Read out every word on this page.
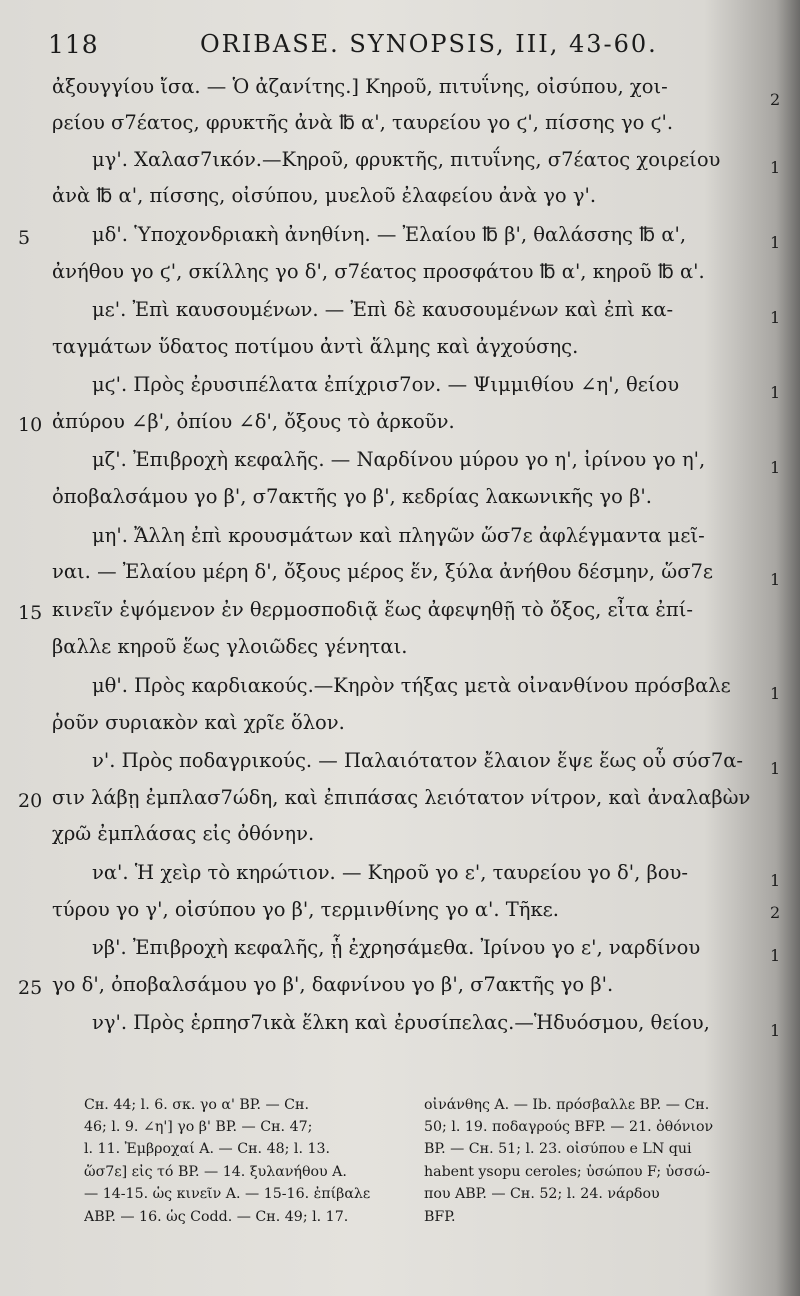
118	ORIBASE. SYNOPSIS, III, 43-60.
ἀξουγγίου ἴσα. — Ὁ ἀζανίτης.] Κηροῦ, πιτυΐνης, οἰσύπου, χοι-
ρείου σ7έατος, φρυκτῆς ἀνὰ ℔ α', ταυρείου γο ϛ', πίσσης γο ϛ'.
μγ'. Χαλασ7ικόν.—Κηροῦ, φρυκτῆς, πιτυΐνης, σ7έατος χοιρείου
ἀνὰ ℔ α', πίσσης, οἰσύπου, μυελοῦ ἐλαφείου ἀνὰ γο γ'.
μδ'. Ὑποχονδριακὴ ἀνηθίνη. — Ἐλαίου ℔ β', θαλάσσης ℔ α',
ἀνήθου γο ϛ', σκίλλης γο δ', σ7έατος προσφάτου ℔ α', κηροῦ ℔ α'.
με'. Ἐπὶ καυσουμένων. — Ἐπὶ δὲ καυσουμένων καὶ ἐπὶ κα-
ταγμάτων ὕδατος ποτίμου ἀντὶ ἅλμης καὶ ἀγχούσης.
μϛ'. Πρὸς ἐρυσιπέλατα ἐπίχρισ7ον. — Ψιμμιθίου ∠η', θείου
ἀπύρου ∠β', ὀπίου ∠δ', ὄξους τὸ ἀρκοῦν.
μζ'. Ἐπιβροχὴ κεφαλῆς. — Ναρδίνου μύρου γο η', ἰρίνου γο η',
ὀποβαλσάμου γο β', σ7ακτῆς γο β', κεδρίας λακωνικῆς γο β'.
μη'. Ἄλλη ἐπὶ κρουσμάτων καὶ πληγῶν ὥσ7ε ἀφλέγμαντα μεῖ-
ναι. — Ἐλαίου μέρη δ', ὄξους μέρος ἕν, ξύλα ἀνήθου δέσμην, ὥσ7ε
κινεῖν ἑψόμενον ἐν θερμοσποδιᾷ ἕως ἀφεψηθῇ τὸ ὄξος, εἶτα ἐπί-
βαλλε κηροῦ ἕως γλοιῶδες γένηται.
μθ'. Πρὸς καρδιακούς.—Κηρὸν τήξας μετὰ οἰνανθίνου πρόσβαλε
ῥοῦν συριακὸν καὶ χρῖε ὅλον.
ν'. Πρὸς ποδαγρικούς. — Παλαιότατον ἔλαιον ἕψε ἕως οὗ σύσ7α-
σιν λάβῃ ἐμπλασ7ώδη, καὶ ἐπιπάσας λειότατον νίτρον, καὶ ἀναλαβὼν
χρῶ ἐμπλάσας εἰς ὀθόνην.
να'. Ἡ χεὶρ τὸ κηρώτιον. — Κηροῦ γο ε', ταυρείου γο δ', βου-
τύρου γο γ', οἰσύπου γο β', τερμινθίνης γο α'. Τῆκε.
νβ'. Ἐπιβροχὴ κεφαλῆς, ᾗ ἐχρησάμεθα. Ἰρίνου γο ε', ναρδίνου
γο δ', ὀποβαλσάμου γο β', δαφνίνου γο β', σ7ακτῆς γο β'.
νγ'. Πρὸς ἑρπησ7ικὰ ἕλκη καὶ ἐρυσίπελας.—Ἡδυόσμου, θείου,
5
10
15
20
25
2
1
1
1
1
1
1
1
1
1
2
1
1
Cʜ. 44; l. 6. σκ. γο α' BP. — Cʜ.
46; l. 9. ∠η'] γο β' BP. — Cʜ. 47;
l. 11. Ἐμβροχαί A. — Cʜ. 48; l. 13.
ὥσ7ε] εἰς τό BP. — 14. ξυλανήθου A.
— 14-15. ὡς κινεῖν A. — 15-16. ἐπίβαλε
ABP. — 16. ὡς Codd. — Cʜ. 49; l. 17.
οἰνάνθης A. — Ib. πρόσβαλλε BP. — Cʜ.
50; l. 19. ποδαγρούς BFP. — 21. ὀθόνιον
BP. — Cʜ. 51; l. 23. οἰσύπου e LN qui
habent ysopu ceroles; ὑσώπου F; ὑσσώ-
που ABP. — Cʜ. 52; l. 24. νάρδου
BFP.
